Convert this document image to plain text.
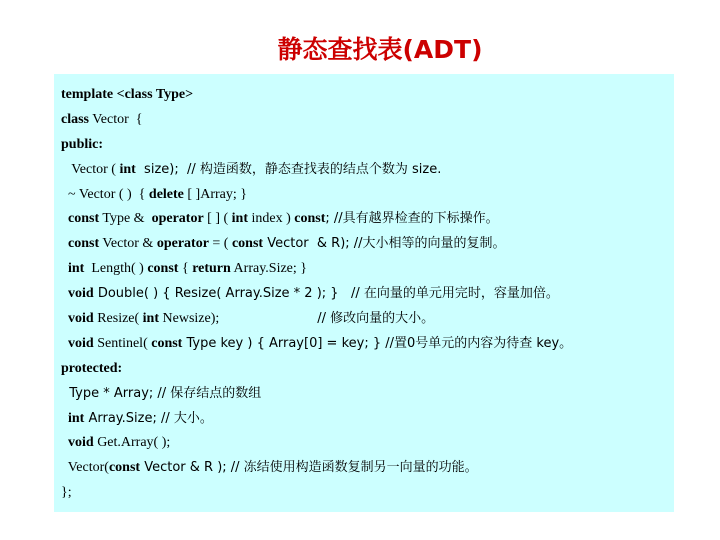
静态查找表(ADT)
template <class Type>
class Vector  {
public:
Vector ( int  size);  // 构造函数，静态查找表的结点个数为 size.
~ Vector ( )  { delete [ ]Array; }
const Type &  operator [ ] ( int index ) const; //具有越界检查的下标操作。
const Vector & operator = ( const Vector  & R); //大小相等的向量的复制。
int  Length( ) const { return Array.Size; }
void Double( ) { Resize( Array.Size * 2 ); }   // 在向量的单元用完时，容量加倍。
void Resize( int Newsize);	// 修改向量的大小。
void Sentinel( const Type key ) { Array[0] = key; } //置0号单元的内容为待查 key。
protected:
Type * Array; // 保存结点的数组
int Array.Size; // 大小。
void Get.Array( );
Vector(const Vector & R ); // 冻结使用构造函数复制另一向量的功能。
};
